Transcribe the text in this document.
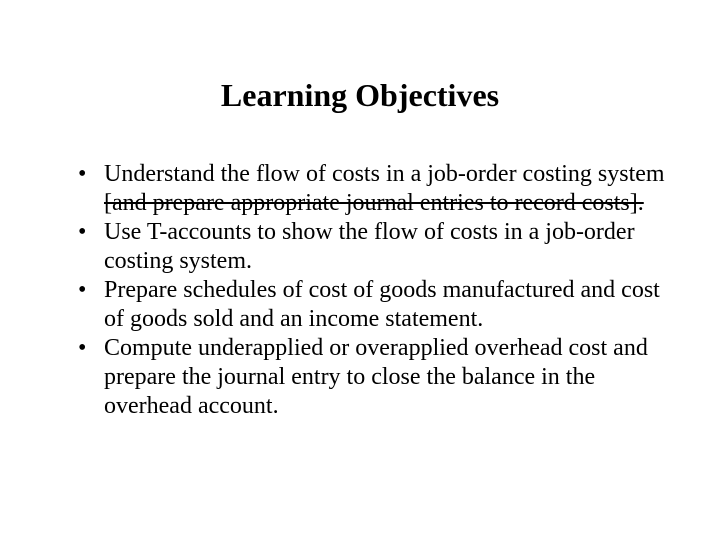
Learning Objectives
• Understand the flow of costs in a job-order costing system [and prepare appropriate journal entries to record costs].
• Use T-accounts to show the flow of costs in a job-order costing system.
• Prepare schedules of cost of goods manufactured and cost of goods sold and an income statement.
• Compute underapplied or overapplied overhead cost and prepare the journal entry to close the balance in the overhead account.
